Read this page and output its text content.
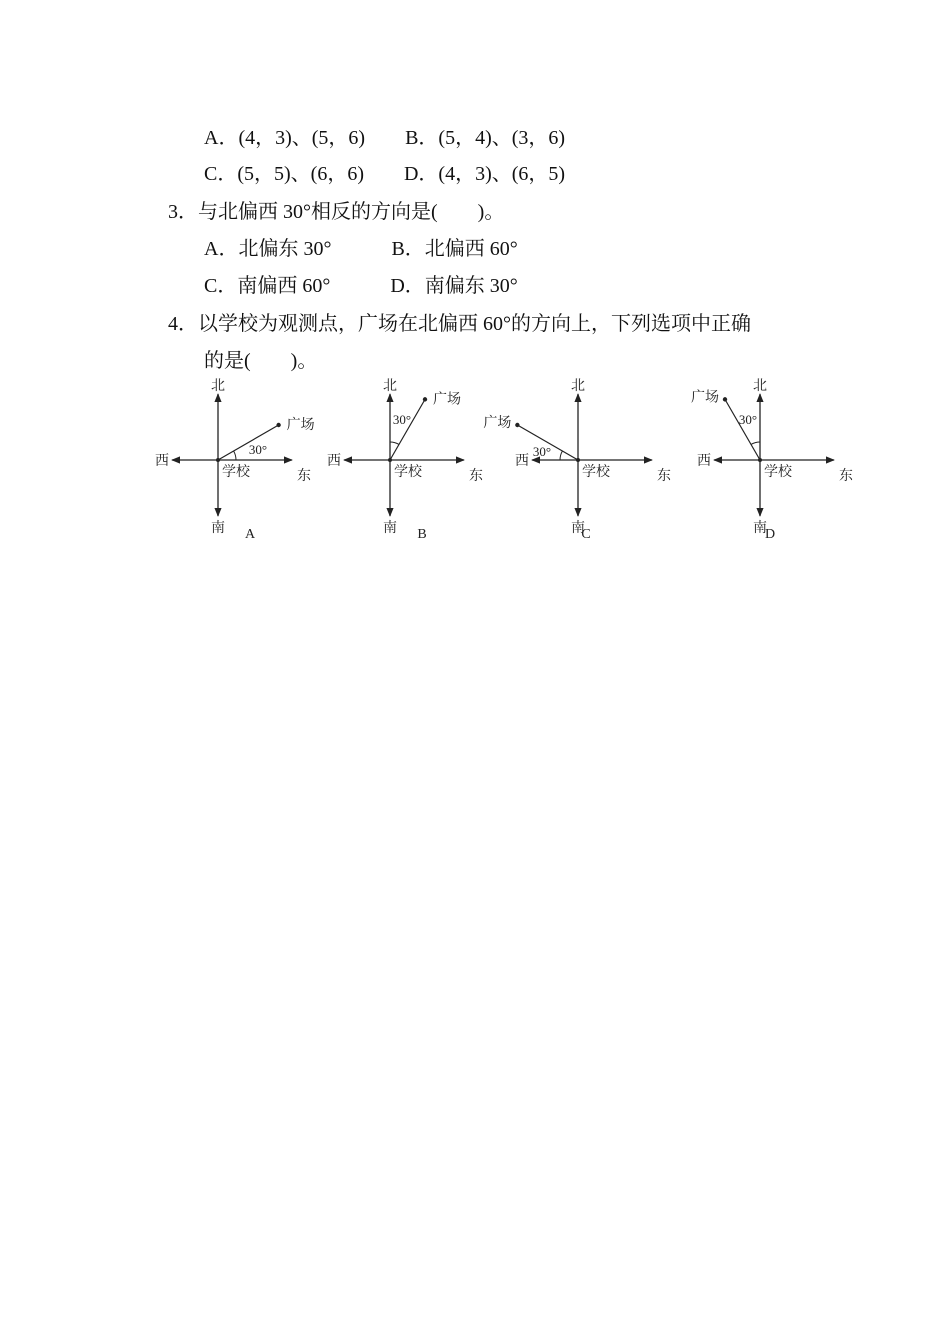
A．(4，3)、(5，6)　　B．(5，4)、(3，6)
C．(5，5)、(6，6)　　D．(4，3)、(6，5)
3．与北偏西 30°相反的方向是(　　)。
A．北偏东 30°　　　B．北偏西 60°
C．南偏西 60°　　　D．南偏东 30°
4．以学校为观测点，广场在北偏西 60°的方向上，下列选项中正确
的是(　　)。
北
南
西
东
学校
广场
30°
A
北
南
西
东
学校
广场
30°
B
北
南
西
东
学校
广场
30°
C
北
南
西
东
学校
广场
30°
D
